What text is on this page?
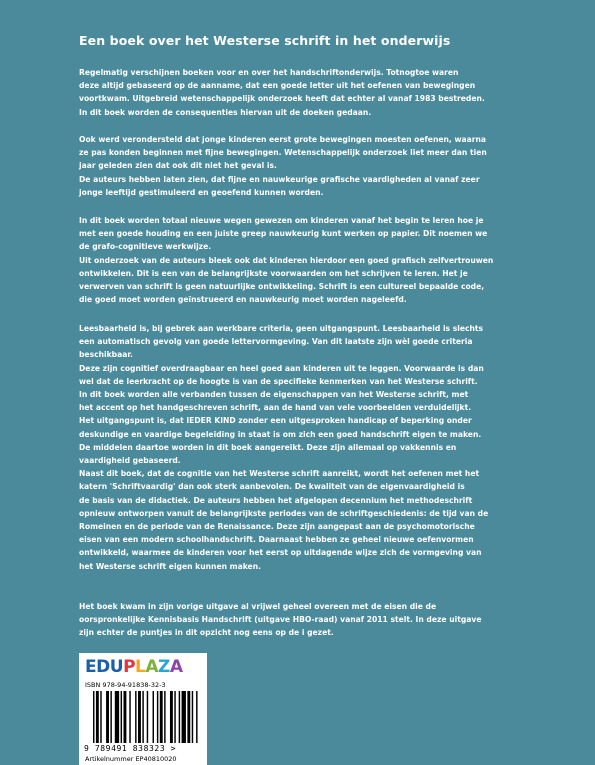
Een boek over het Westerse schrift in het onderwijs
Regelmatig verschijnen boeken voor en over het handschriftonderwijs. Totnogtoe waren
deze altijd gebaseerd op de aanname, dat een goede letter uit het oefenen van bewegingen
voortkwam. Uitgebreid wetenschappelijk onderzoek heeft dat echter al vanaf 1983 bestreden.
In dit boek worden de consequenties hiervan uit de doeken gedaan.
Ook werd verondersteld dat jonge kinderen eerst grote bewegingen moesten oefenen, waarna
ze pas konden beginnen met fijne bewegingen. Wetenschappelijk onderzoek liet meer dan tien
jaar geleden zien dat ook dit niet het geval is.
De auteurs hebben laten zien, dat fijne en nauwkeurige grafische vaardigheden al vanaf zeer
jonge leeftijd gestimuleerd en geoefend kunnen worden.
In dit boek worden totaal nieuwe wegen gewezen om kinderen vanaf het begin te leren hoe je
met een goede houding en een juiste greep nauwkeurig kunt werken op papier. Dit noemen we
de grafo-cognitieve werkwijze.
Uit onderzoek van de auteurs bleek ook dat kinderen hierdoor een goed grafisch zelfvertrouwen
ontwikkelen. Dit is een van de belangrijkste voorwaarden om het schrijven te leren. Het je
verwerven van schrift is geen natuurlijke ontwikkeling. Schrift is een cultureel bepaalde code,
die goed moet worden geïnstrueerd en nauwkeurig moet worden nageleefd.
Leesbaarheid is, bij gebrek aan werkbare criteria, geen uitgangspunt. Leesbaarheid is slechts
een automatisch gevolg van goede lettervormgeving. Van dit laatste zijn wèl goede criteria
beschikbaar.
Deze zijn cognitief overdraagbaar en heel goed aan kinderen uit te leggen. Voorwaarde is dan
wel dat de leerkracht op de hoogte is van de specifieke kenmerken van het Westerse schrift.
In dit boek worden alle verbanden tussen de eigenschappen van het Westerse schrift, met
het accent op het handgeschreven schrift, aan de hand van vele voorbeelden verduidelijkt.
Het uitgangspunt is, dat IEDER KIND zonder een uitgesproken handicap of beperking onder
deskundige en vaardige begeleiding in staat is om zich een goed handschrift eigen te maken.
De middelen daartoe worden in dit boek aangereikt. Deze zijn allemaal op vakkennis en
vaardigheid gebaseerd.
Naast dit boek, dat de cognitie van het Westerse schrift aanreikt, wordt het oefenen met het
katern 'Schriftvaardig' dan ook sterk aanbevolen. De kwaliteit van de eigenvaardigheid is
de basis van de didactiek. De auteurs hebben het afgelopen decennium het methodeschrift
opnieuw ontworpen vanuit de belangrijkste periodes van de schriftgeschiedenis: de tijd van de
Romeinen en de periode van de Renaissance. Deze zijn aangepast aan de psychomotorische
eisen van een modern schoolhandschrift. Daarnaast hebben ze geheel nieuwe oefenvormen
ontwikkeld, waarmee de kinderen voor het eerst op uitdagende wijze zich de vormgeving van
het Westerse schrift eigen kunnen maken.
Het boek kwam in zijn vorige uitgave al vrijwel geheel overeen met de eisen die de
oorspronkelijke Kennisbasis Handschrift (uitgave HBO-raad) vanaf 2011 stelt. In deze uitgave
zijn echter de puntjes in dit opzicht nog eens op de i gezet.
EDUPLAZA
ISBN 978-94-91838-32-3
9 789491 838323 >
Artikelnummer EP40810020
